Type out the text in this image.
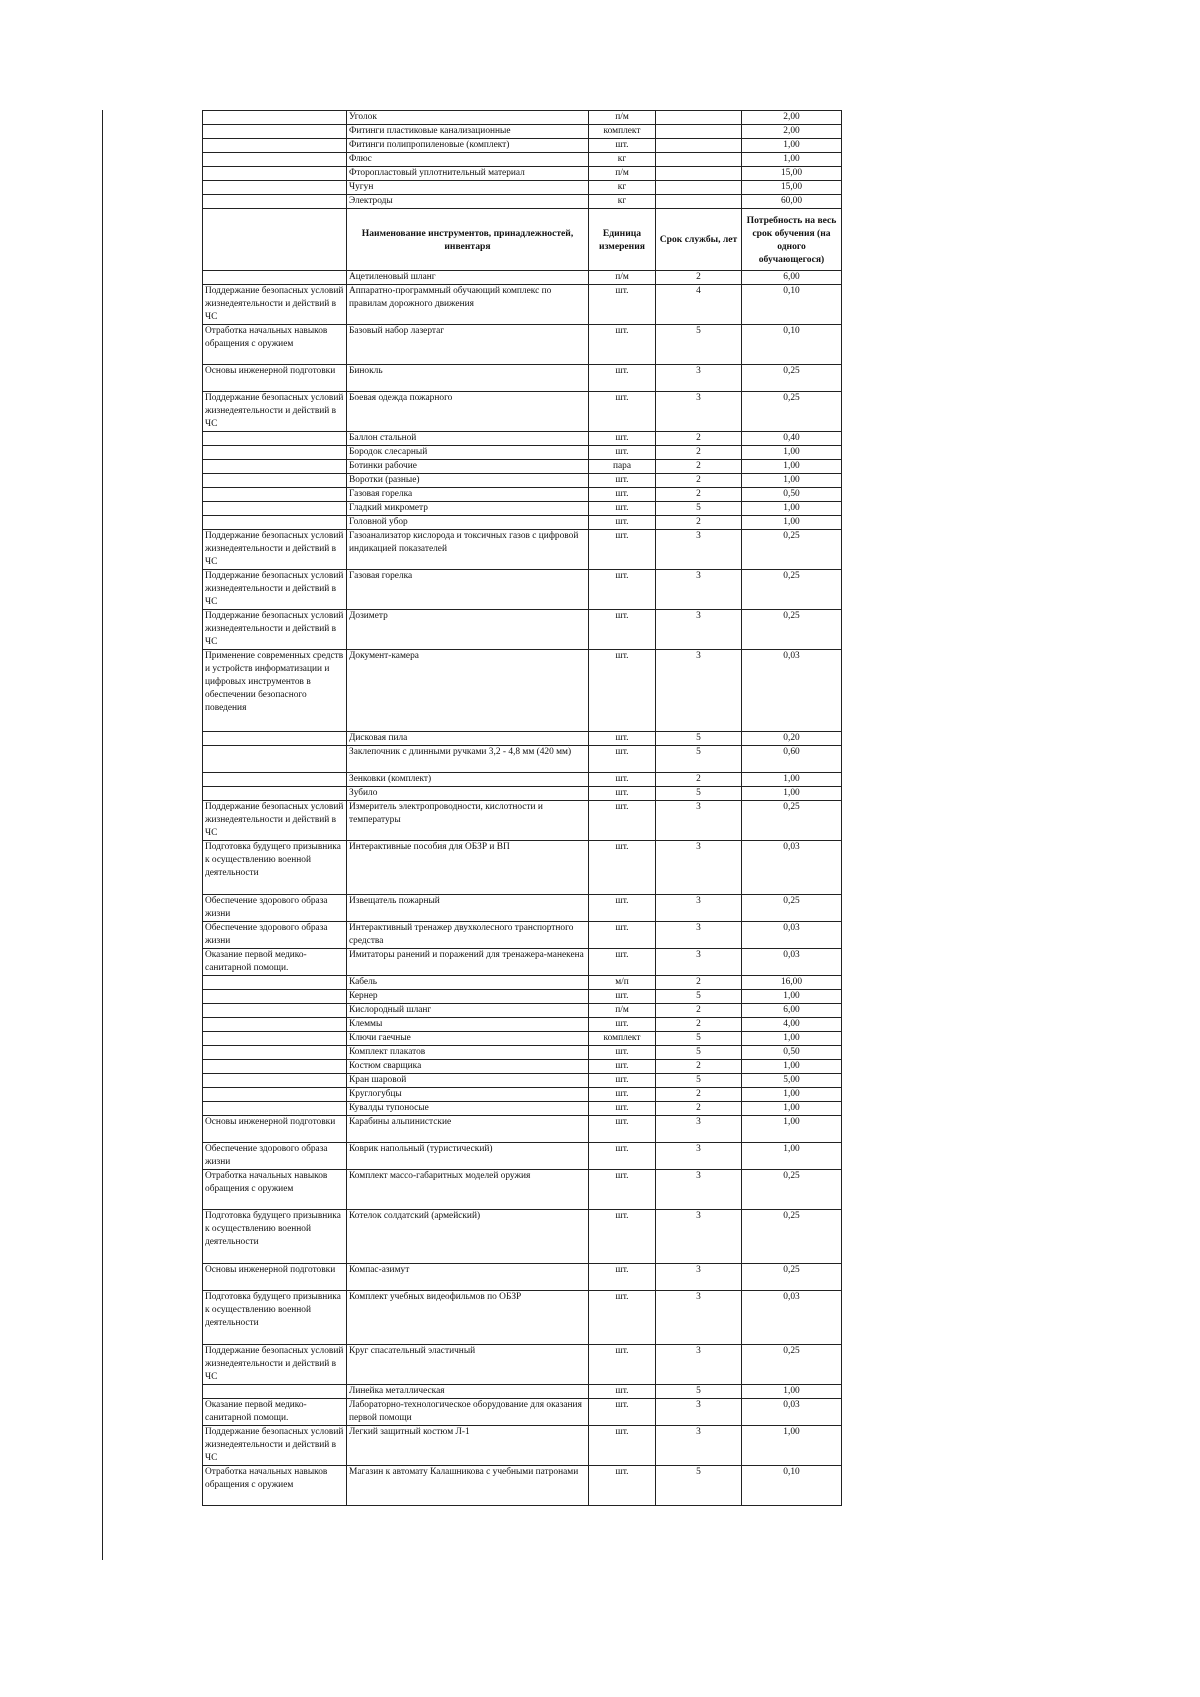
	Уголок	п/м		2,00
	Фитинги пластиковые канализационные	комплект		2,00
	Фитинги полипропиленовые (комплект)	шт.		1,00
	Флюс	кг		1,00
	Фторопластовый уплотнительный материал	п/м		15,00
	Чугун	кг		15,00
	Электроды	кг		60,00
	Наименование инструментов, принадлежностей, инвентаря	Единица измерения	Срок службы, лет	Потребность на весь срок обучения (на одного обучающегося)
	Ацетиленовый шланг	п/м	2	6,00
Поддержание безопасных условий жизнедеятельности и действий в ЧС	Аппаратно-программный обучающий комплекс по правилам дорожного движения	шт.	4	0,10
Отработка начальных навыков обращения с оружием	Базовый набор лазертаг	шт.	5	0,10
Основы инженерной подготовки	Бинокль	шт.	3	0,25
Поддержание безопасных условий жизнедеятельности и действий в ЧС	Боевая одежда пожарного	шт.	3	0,25
	Баллон стальной	шт.	2	0,40
	Бородок слесарный	шт.	2	1,00
	Ботинки рабочие	пара	2	1,00
	Воротки (разные)	шт.	2	1,00
	Газовая горелка	шт.	2	0,50
	Гладкий микрометр	шт.	5	1,00
	Головной убор	шт.	2	1,00
Поддержание безопасных условий жизнедеятельности и действий в ЧС	Газоанализатор кислорода и токсичных газов с цифровой индикацией показателей	шт.	3	0,25
Поддержание безопасных условий жизнедеятельности и действий в ЧС	Газовая горелка	шт.	3	0,25
Поддержание безопасных условий жизнедеятельности и действий в ЧС	Дозиметр	шт.	3	0,25
Применение современных средств и устройств информатизации и цифровых инструментов в обеспечении безопасного поведения	Документ-камера	шт.	3	0,03
	Дисковая пила	шт.	5	0,20
	Заклепочник с длинными ручками 3,2 - 4,8 мм (420 мм)	шт.	5	0,60
	Зенковки (комплект)	шт.	2	1,00
	Зубило	шт.	5	1,00
Поддержание безопасных условий жизнедеятельности и действий в ЧС	Измеритель электропроводности, кислотности и температуры	шт.	3	0,25
Подготовка будущего призывника к осуществлению военной деятельности	Интерактивные пособия для ОБЗР и ВП	шт.	3	0,03
Обеспечение здорового образа жизни	Извещатель пожарный	шт.	3	0,25
Обеспечение здорового образа жизни	Интерактивный тренажер двухколесного транспортного средства	шт.	3	0,03
Оказание первой медико-санитарной помощи.	Имитаторы ранений и поражений для тренажера-манекена	шт.	3	0,03
	Кабель	м/п	2	16,00
	Кернер	шт.	5	1,00
	Кислородный шланг	п/м	2	6,00
	Клеммы	шт.	2	4,00
	Ключи гаечные	комплект	5	1,00
	Комплект плакатов	шт.	5	0,50
	Костюм сварщика	шт.	2	1,00
	Кран шаровой	шт.	5	5,00
	Круглогубцы	шт.	2	1,00
	Кувалды тупоносые	шт.	2	1,00
Основы инженерной подготовки	Карабины альпинистские	шт.	3	1,00
Обеспечение здорового образа жизни	Коврик напольный (туристический)	шт.	3	1,00
Отработка начальных навыков обращения с оружием	Комплект массо-габаритных моделей оружия	шт.	3	0,25
Подготовка будущего призывника к осуществлению военной деятельности	Котелок солдатский (армейский)	шт.	3	0,25
Основы инженерной подготовки	Компас-азимут	шт.	3	0,25
Подготовка будущего призывника к осуществлению военной деятельности	Комплект учебных видеофильмов по ОБЗР	шт.	3	0,03
Поддержание безопасных условий жизнедеятельности и действий в ЧС	Круг спасательный эластичный	шт.	3	0,25
	Линейка металлическая	шт.	5	1,00
Оказание первой медико-санитарной помощи.	Лабораторно-технологическое оборудование для оказания первой помощи	шт.	3	0,03
Поддержание безопасных условий жизнедеятельности и действий в ЧС	Легкий защитный костюм Л-1	шт.	3	1,00
Отработка начальных навыков обращения с оружием	Магазин к автомату Калашникова с учебными патронами	шт.	5	0,10
